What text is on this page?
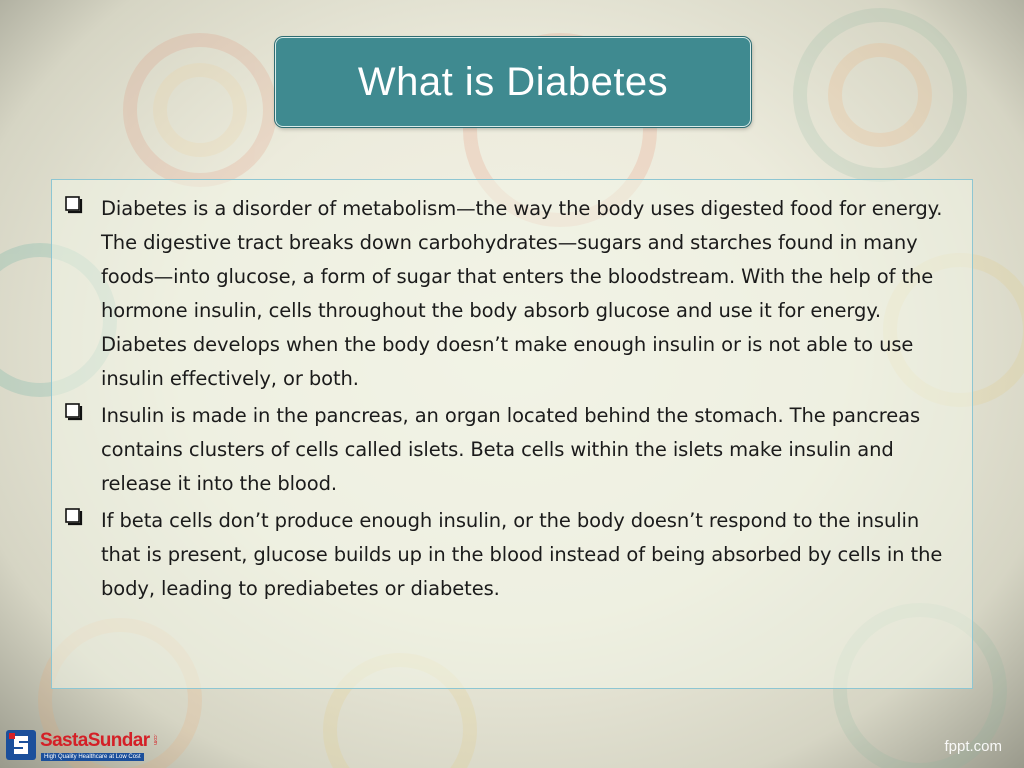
What is Diabetes
Diabetes is a disorder of metabolism—the way the body uses digested food for energy. The digestive tract breaks down carbohydrates—sugars and starches found in many foods—into glucose, a form of sugar that enters the bloodstream. With the help of the hormone insulin, cells throughout the body absorb glucose and use it for energy. Diabetes develops when the body doesn’t make enough insulin or is not able to use insulin effectively, or both.
Insulin is made in the pancreas, an organ located behind the stomach. The pancreas contains clusters of cells called islets. Beta cells within the islets make insulin and release it into the blood.
If beta cells don’t produce enough insulin, or the body doesn’t respond to the insulin that is present, glucose builds up in the blood instead of being absorbed by cells in the body, leading to prediabetes or diabetes.
SastaSundar .com
High Quality Healthcare at Low Cost
fppt.com
